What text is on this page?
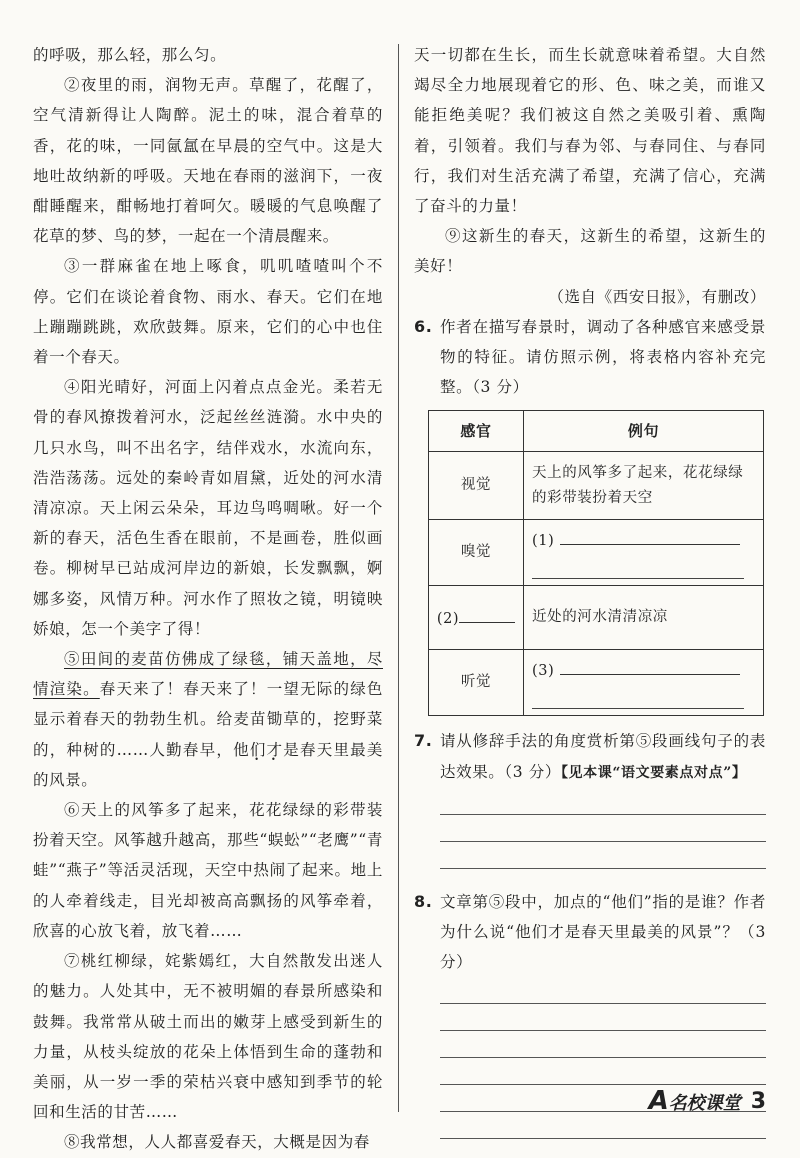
的呼吸，那么轻，那么匀。

②夜里的雨，润物无声。草醒了，花醒了，空气清新得让人陶醉。泥土的味，混合着草的香，花的味，一同氤氲在早晨的空气中。这是大地吐故纳新的呼吸。天地在春雨的滋润下，一夜酣睡醒来，酣畅地打着呵欠。暖暖的气息唤醒了花草的梦、鸟的梦，一起在一个清晨醒来。

③一群麻雀在地上啄食，叽叽喳喳叫个不停。它们在谈论着食物、雨水、春天。它们在地上蹦蹦跳跳，欢欣鼓舞。原来，它们的心中也住着一个春天。

④阳光晴好，河面上闪着点点金光。柔若无骨的春风撩拨着河水，泛起丝丝涟漪。水中央的几只水鸟，叫不出名字，结伴戏水，水流向东，浩浩荡荡。远处的秦岭青如眉黛，近处的河水清清凉凉。天上闲云朵朵，耳边鸟鸣啁啾。好一个新的春天，活色生香在眼前，不是画卷，胜似画卷。柳树早已站成河岸边的新娘，长发飘飘，婀娜多姿，风情万种。河水作了照妆之镜，明镜映娇娘，怎一个美字了得！

⑤田间的麦苗仿佛成了绿毯，铺天盖地，尽情渲染。春天来了！春天来了！一望无际的绿色显示着春天的勃勃生机。给麦苗锄草的，挖野菜的，种树的……人勤春早，他们才是春天里最美的风景。

⑥天上的风筝多了起来，花花绿绿的彩带装扮着天空。风筝越升越高，那些“蜈蚣”“老鹰”“青蛙”“燕子”等活灵活现，天空中热闹了起来。地上的人牵着线走，目光却被高高飘扬的风筝牵着，欣喜的心放飞着，放飞着……

⑦桃红柳绿，姹紫嫣红，大自然散发出迷人的魅力。人处其中，无不被明媚的春景所感染和鼓舞。我常常从破土而出的嫩芽上感受到新生的力量，从枝头绽放的花朵上体悟到生命的蓬勃和美丽，从一岁一季的荣枯兴衰中感知到季节的轮回和生活的甘苦……

⑧我常想，人人都喜爱春天，大概是因为春

天一切都在生长，而生长就意味着希望。大自然竭尽全力地展现着它的形、色、味之美，而谁又能拒绝美呢？我们被这自然之美吸引着、熏陶着，引领着。我们与春为邻、与春同住、与春同行，我们对生活充满了希望，充满了信心，充满了奋斗的力量！

⑨这新生的春天，这新生的希望，这新生的美好！

（选自《西安日报》，有删改）

6. 作者在描写春景时，调动了各种感官来感受景物的特征。请仿照示例，将表格内容补充完整。（3 分）

感官	例句
视觉	天上的风筝多了起来，花花绿绿的彩带装扮着天空
嗅觉	(1)

(2)	近处的河水清清凉凉
听觉	(3)
7. 请从修辞手法的角度赏析第⑤段画线句子的表达效果。（3 分）【见本课“语文要素点对点”】

8. 文章第⑤段中，加点的“他们”指的是谁？作者为什么说“他们才是春天里最美的风景”？（3 分）

A名校课堂 3
